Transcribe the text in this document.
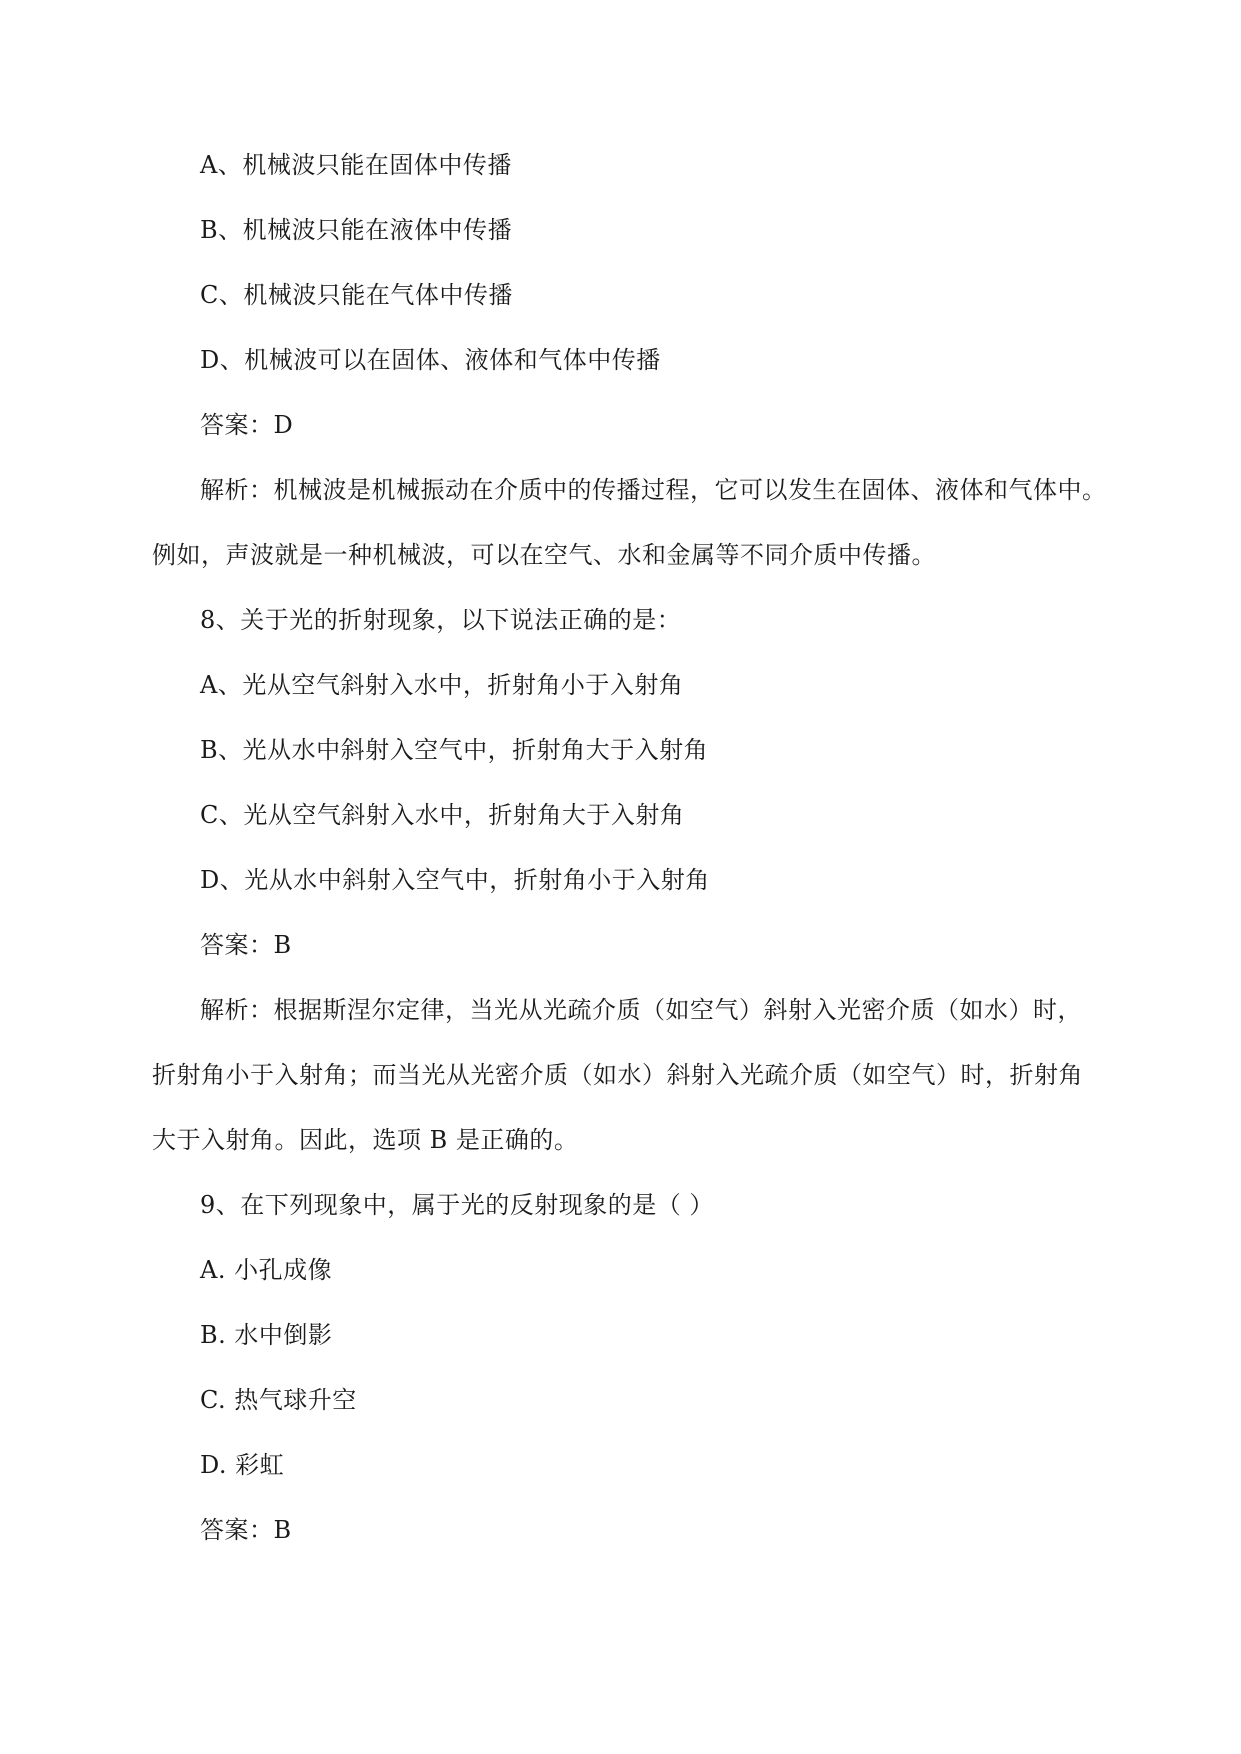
A、机械波只能在固体中传播
B、机械波只能在液体中传播
C、机械波只能在气体中传播
D、机械波可以在固体、液体和气体中传播
答案：D
解析：机械波是机械振动在介质中的传播过程，它可以发生在固体、液体和气体中。
例如，声波就是一种机械波，可以在空气、水和金属等不同介质中传播。
8、关于光的折射现象，以下说法正确的是：
A、光从空气斜射入水中，折射角小于入射角
B、光从水中斜射入空气中，折射角大于入射角
C、光从空气斜射入水中，折射角大于入射角
D、光从水中斜射入空气中，折射角小于入射角
答案：B
解析：根据斯涅尔定律，当光从光疏介质（如空气）斜射入光密介质（如水）时，
折射角小于入射角；而当光从光密介质（如水）斜射入光疏介质（如空气）时，折射角
大于入射角。因此，选项 B 是正确的。
9、在下列现象中，属于光的反射现象的是（ ）
A. 小孔成像
B. 水中倒影
C. 热气球升空
D. 彩虹
答案：B
